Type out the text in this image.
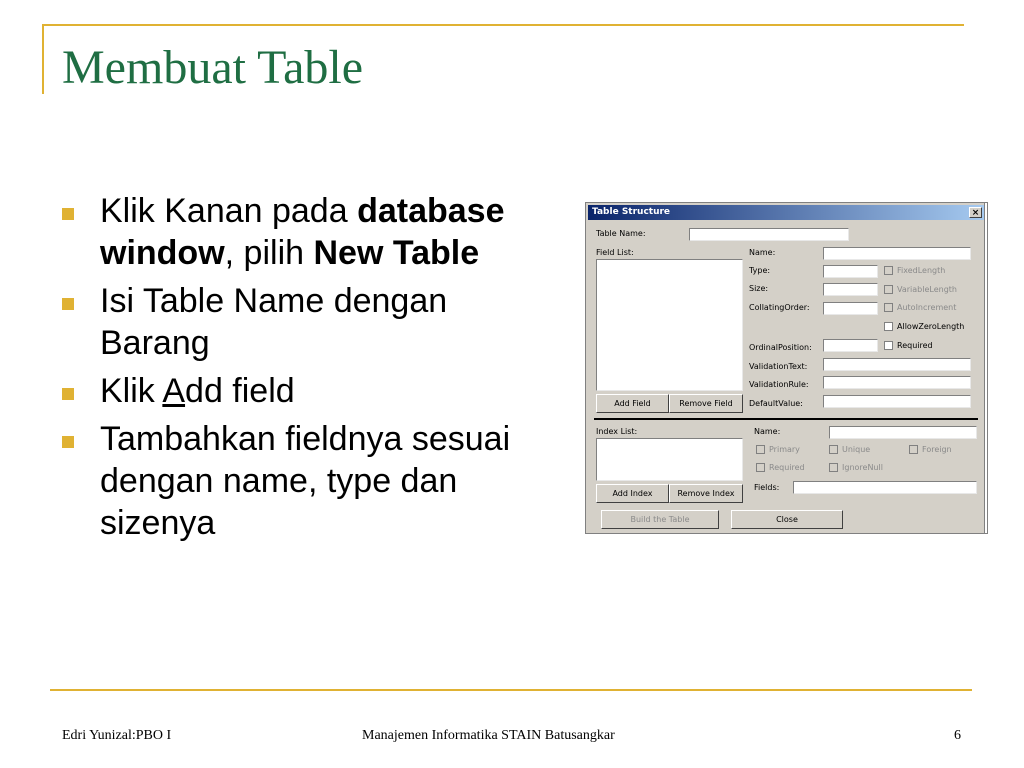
Membuat Table
Klik Kanan pada database window, pilih New Table
Isi Table Name dengan Barang
Klik Add field
Tambahkan fieldnya sesuai dengan name, type dan sizenya
Table Structure	×
Table Name:
Field List:	Name:
Type:	FixedLength
Size:	VariableLength
CollatingOrder:	AutoIncrement
AllowZeroLength
OrdinalPosition:	Required
ValidationText:
ValidationRule:
DefaultValue:
Add Field	Remove Field
Index List:	Name:
Primary	Unique	Foreign
Required	IgnoreNull
Fields:
Add Index	Remove Index
Build the Table	Close
Edri Yunizal:PBO I	Manajemen Informatika STAIN Batusangkar	6
